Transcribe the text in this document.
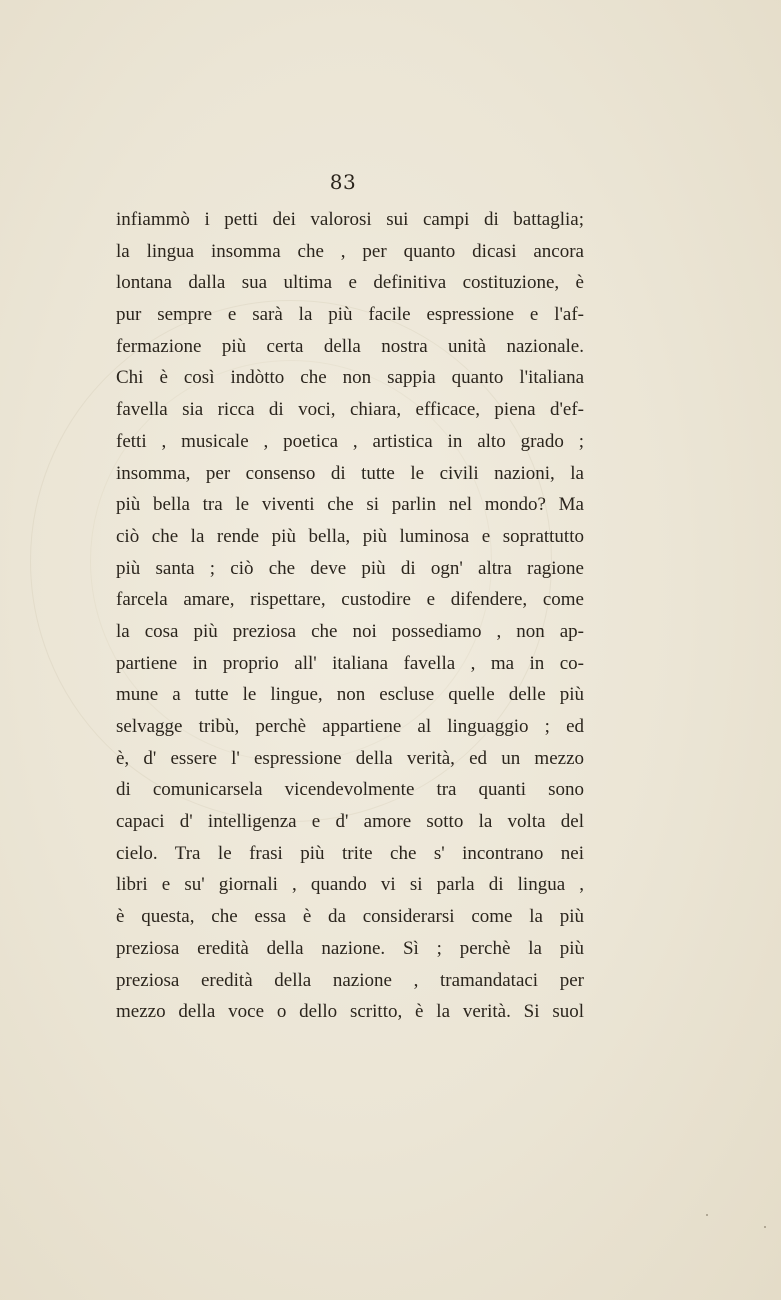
83
infiammò i petti dei valorosi sui campi di battaglia;
la lingua insomma che , per quanto dicasi ancora
lontana dalla sua ultima e definitiva costituzione, è
pur sempre e sarà la più facile espressione e l'af-
fermazione più certa della nostra unità nazionale.
Chi è così indòtto che non sappia quanto l'italiana
favella sia ricca di voci, chiara, efficace, piena d'ef-
fetti , musicale , poetica , artistica in alto grado ;
insomma, per consenso di tutte le civili nazioni, la
più bella tra le viventi che si parlin nel mondo? Ma
ciò che la rende più bella, più luminosa e soprattutto
più santa ; ciò che deve più di ogn' altra ragione
farcela amare, rispettare, custodire e difendere, come
la cosa più preziosa che noi possediamo , non ap-
partiene in proprio all' italiana favella , ma in co-
mune a tutte le lingue, non escluse quelle delle più
selvagge tribù, perchè appartiene al linguaggio ; ed
è, d' essere l' espressione della verità, ed un mezzo
di comunicarsela vicendevolmente tra quanti sono
capaci d' intelligenza e d' amore sotto la volta del
cielo. Tra le frasi più trite che s' incontrano nei
libri e su' giornali , quando vi si parla di lingua ,
è questa, che essa è da considerarsi come la più
preziosa eredità della nazione. Sì ; perchè la più
preziosa eredità della nazione , tramandataci per
mezzo della voce o dello scritto, è la verità. Si suol
